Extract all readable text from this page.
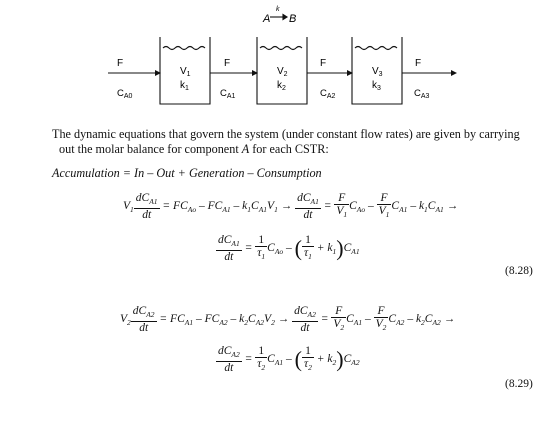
A B
k
F	F	F	F
$C_{A0}$	$C_{A1}$	$C_{A2}$	$C_{A3}$
$V_1$
$k_1$
$V_2$
$k_2$
$V_3$
$k_3$
The dynamic equations that govern the system (under constant flow rates) are given by carrying
out the molar balance for component A for each CSTR:
Accumulation = In – Out + Generation – Consumption
$V_1 \frac{dC_{A1}}{dt} = FC_{Ao} - FC_{A1} - k_1C_{A1}V_1 \to \frac{dC_{A1}}{dt} = \frac{F}{V_1} C_{Ao} - \frac{F}{V_1} C_{A1} - k_1C_{A1}$ →
$\frac{dC_{A1}}{dt} = \frac{1}{\tau_1} C_{Ao}$ – ( $\frac{1}{\tau_1} + k_1)C_{A1}$
(8.28)
$V_2 \frac{dC_{A2}}{dt} = FC_{A1} - FC_{A2} - k_2C_{A2}V_2 \to \frac{dC_{A2}}{dt} = \frac{F}{V_2} C_{A1} - \frac{F}{V_2} C_{A2} - k_2C_{A2}$ →
$\frac{dC_{A2}}{dt} = \frac{1}{\tau_2} C_{A1}$ – ( $\frac{1}{\tau_2} + k_2)C_{A2}$
(8.29)
